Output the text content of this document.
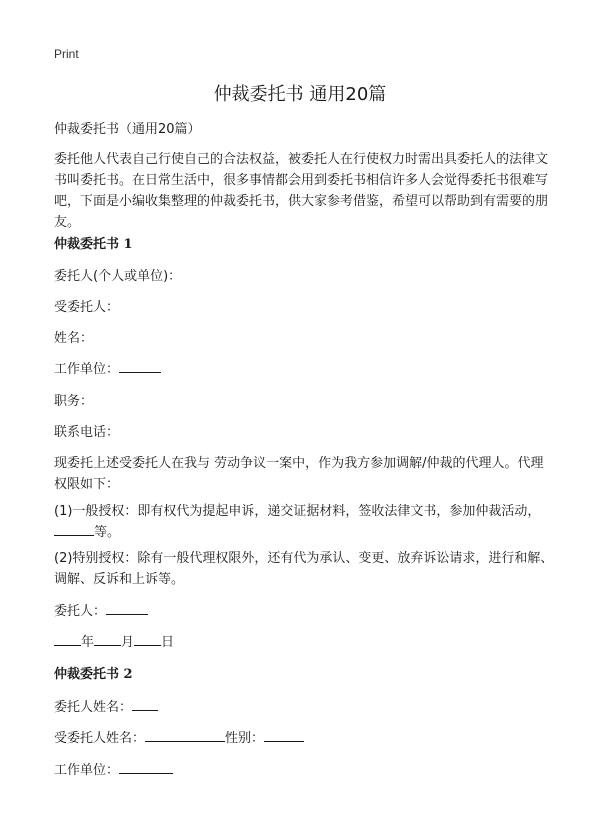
Print
仲裁委托书 通用20篇

仲裁委托书（通用20篇）

委托他人代表自己行使自己的合法权益，被委托人在行使权力时需出具委托人的法律文书叫委托书。在日常生活中，很多事情都会用到委托书相信许多人会觉得委托书很难写吧，下面是小编收集整理的仲裁委托书，供大家参考借鉴，希望可以帮助到有需要的朋友。

仲裁委托书 1

委托人(个人或单位)：

受委托人：

姓名：

工作单位：

职务：

联系电话：

现委托上述受委托人在我与 劳动争议一案中，作为我方参加调解/仲裁的代理人。代理权限如下：

(1)一般授权：即有权代为提起申诉，递交证据材料，签收法律文书，参加仲裁活动，等。

(2)特别授权：除有一般代理权限外，还有代为承认、变更、放弃诉讼请求，进行和解、调解、反诉和上诉等。

委托人：

年 月 日

仲裁委托书 2

委托人姓名：

受委托人姓名：	性别：

工作单位：
